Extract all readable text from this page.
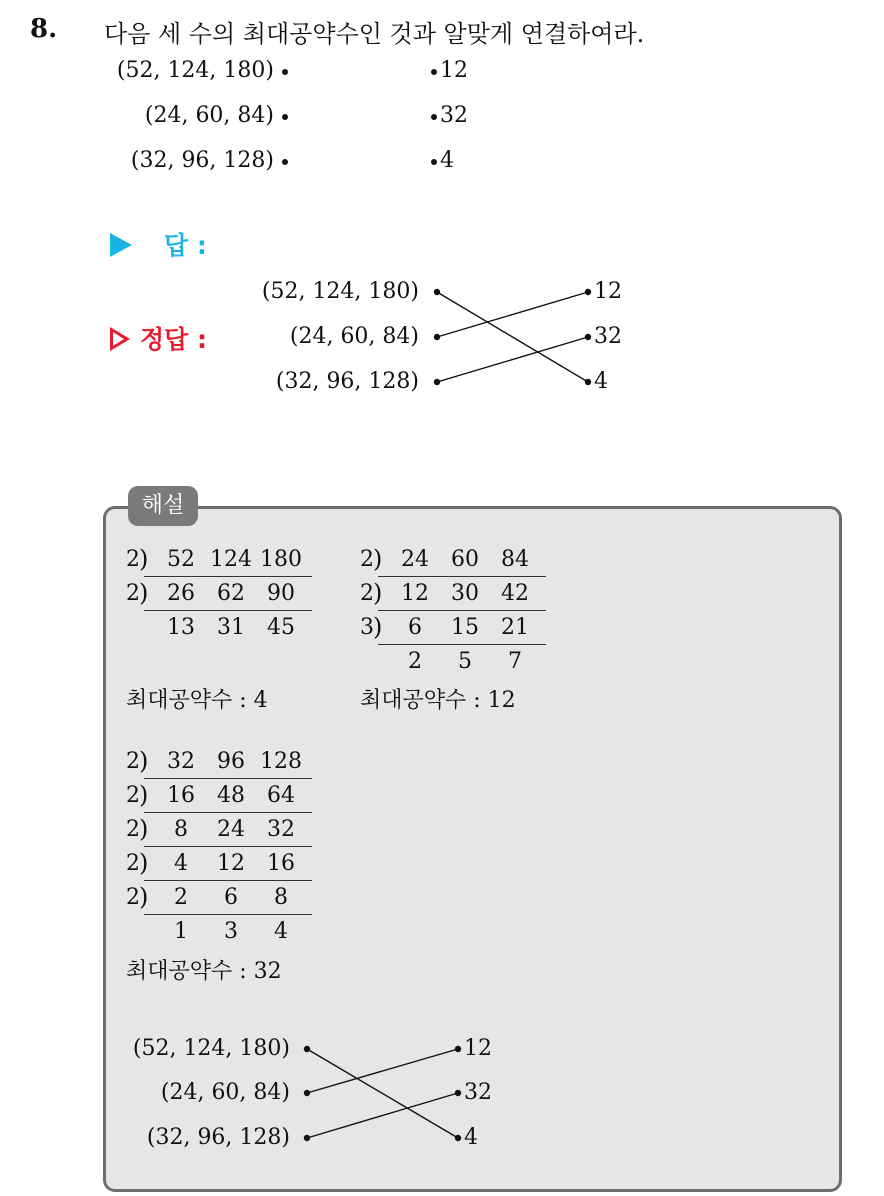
8. 다음 세 수의 최대공약수인 것과 알맞게 연결하여라.
(52, 124, 180)
(24, 60, 84)
(32, 96, 128)
12
32
4
답 :
정답 :
(52, 124, 180)
(24, 60, 84)
(32, 96, 128)
12
32
4
해설
2 ) 52 124 180
2 ) 26	62	90
13	31	45
최대공약수 : 4
2 ) 24	60	84
2 ) 12	30	42
3 )	6	15	21
2	5	7
최대공약수 : 12
2 ) 32	96 128
2 ) 16	48	64
2 )	8	24	32
2 )	4	12	16
2 )	2	6	8
1	3	4
최대공약수 : 32
(52, 124, 180)
(24, 60, 84)
(32, 96, 128)
12
32
4
